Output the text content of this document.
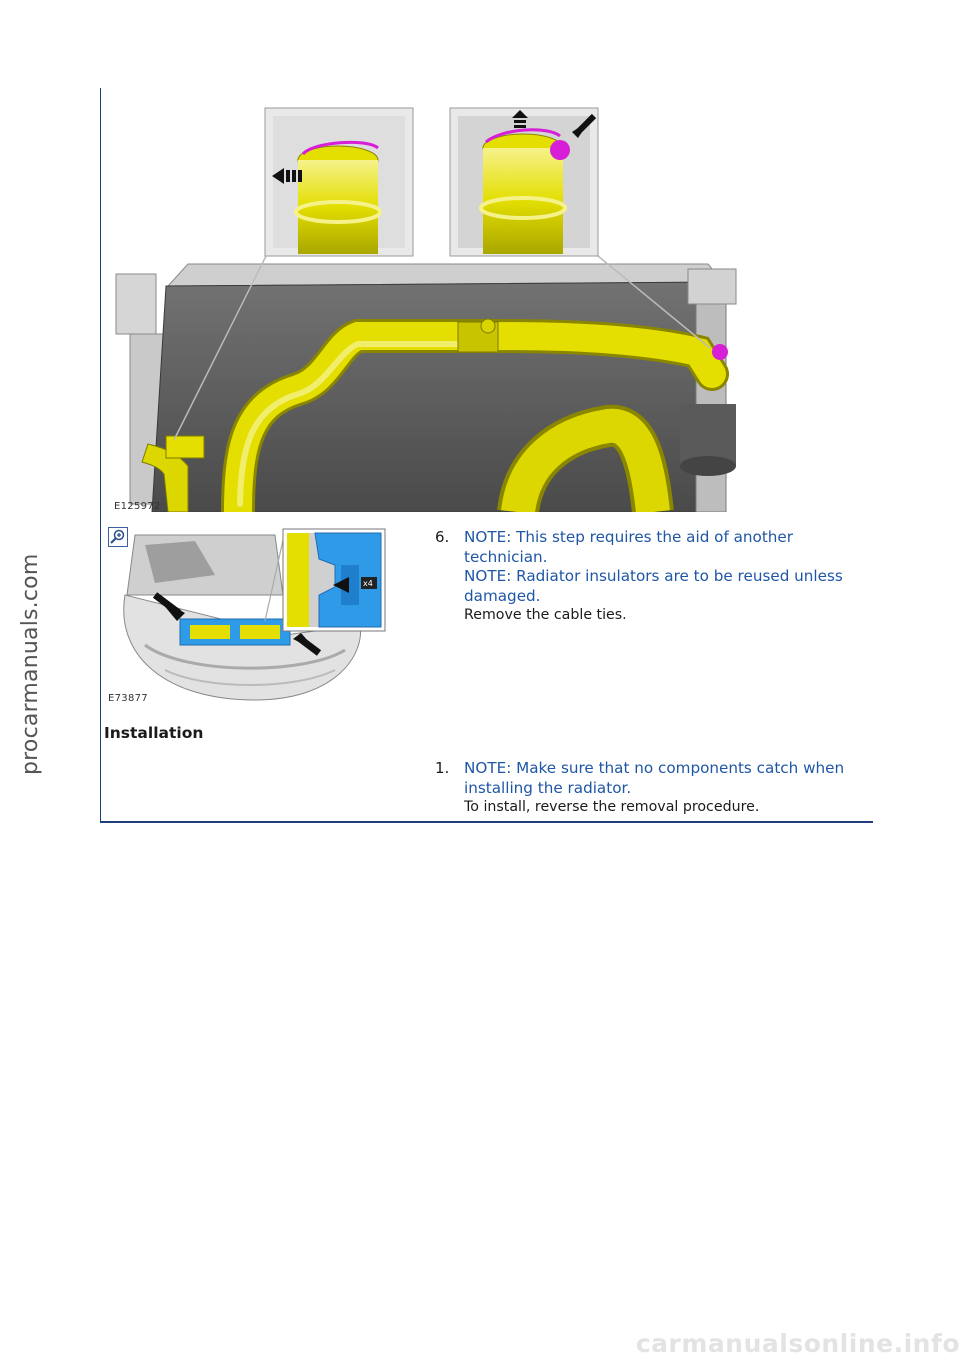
E125972
x4
E73877
6. NOTE: This step requires the aid of another technician.
NOTE: Radiator insulators are to be reused unless damaged.
Remove the cable ties.
Installation
1. NOTE: Make sure that no components catch when installing the radiator.
To install, reverse the removal procedure.
procarmanuals.com
carmanualsonline.info
